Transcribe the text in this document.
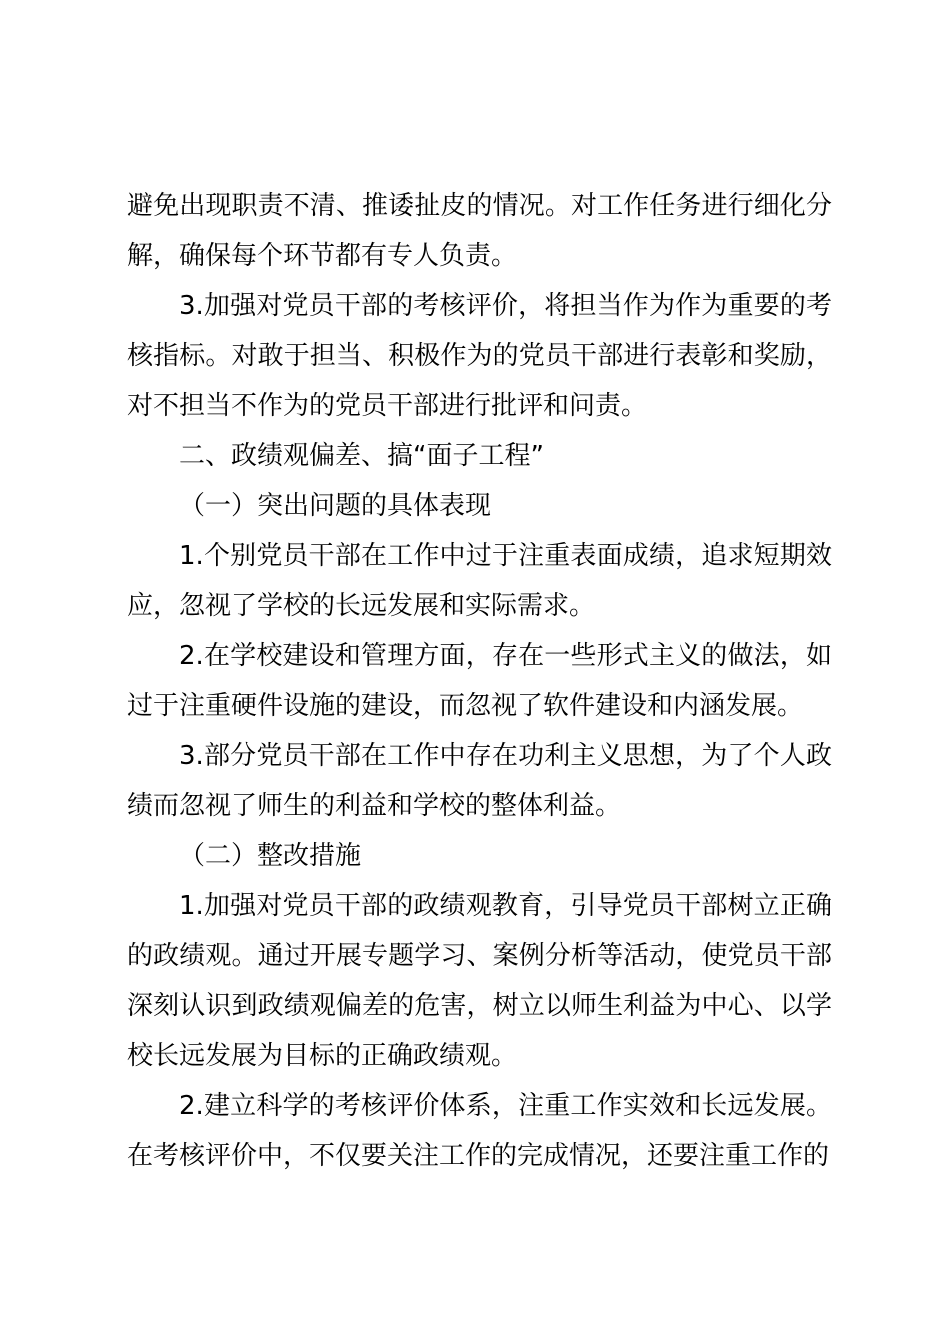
避免出现职责不清、推诿扯皮的情况。对工作任务进行细化分解，确保每个环节都有专人负责。

3.加强对党员干部的考核评价，将担当作为作为重要的考核指标。对敢于担当、积极作为的党员干部进行表彰和奖励，对不担当不作为的党员干部进行批评和问责。

二、政绩观偏差、搞“面子工程”

（一）突出问题的具体表现

1.个别党员干部在工作中过于注重表面成绩，追求短期效应，忽视了学校的长远发展和实际需求。

2.在学校建设和管理方面，存在一些形式主义的做法，如过于注重硬件设施的建设，而忽视了软件建设和内涵发展。

3.部分党员干部在工作中存在功利主义思想，为了个人政绩而忽视了师生的利益和学校的整体利益。

（二）整改措施

1.加强对党员干部的政绩观教育，引导党员干部树立正确的政绩观。通过开展专题学习、案例分析等活动，使党员干部深刻认识到政绩观偏差的危害，树立以师生利益为中心、以学校长远发展为目标的正确政绩观。

2.建立科学的考核评价体系，注重工作实效和长远发展。在考核评价中，不仅要关注工作的完成情况，还要注重工作的
